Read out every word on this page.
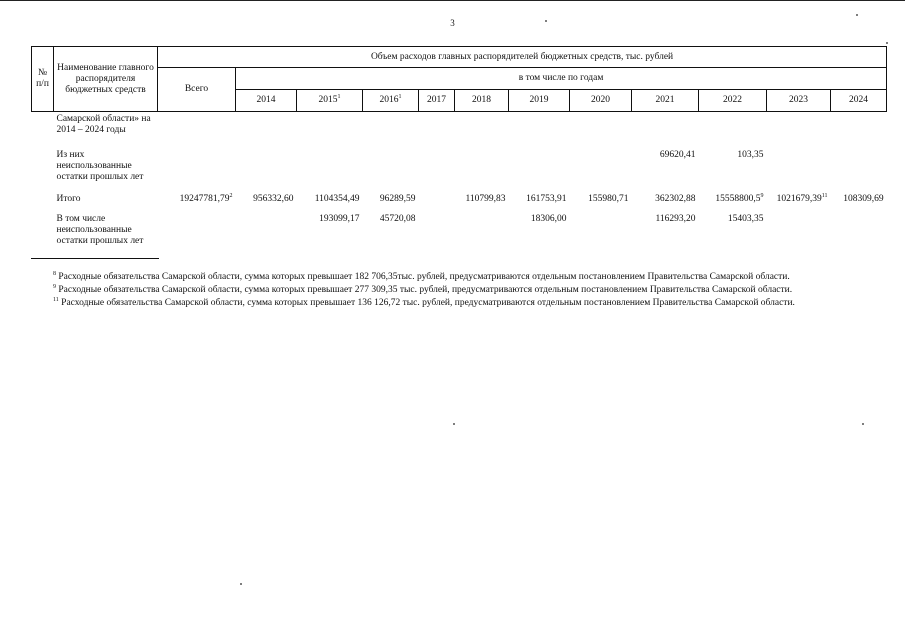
3
№ п/п	Наименование главного распорядителя бюджетных средств	Объем расходов главных распорядителей бюджетных средств, тыс. рублей											
		Всего	в том числе по годам										
			2014	2015$^1$	2016$^1$	2017	2018	2019	2020	2021	2022	2023	2024
	Самарской области» на 2014 – 2024 годы												
	Из них неиспользованные остатки прошлых лет									69620,41	103,35		
	Итого	19247781,79$^2$	956332,60	1104354,49	96289,59		110799,83	161753,91	155980,71	362302,88	15558800,5$^9$	1021679,39$^{11}$	108309,69
	В том числе неиспользованные остатки прошлых лет			193099,17	45720,08			18306,00		116293,20	15403,35		

$^8$ Расходные обязательства Самарской области, сумма которых превышает 182 706,35тыс. рублей, предусматриваются отдельным постановлением Правительства Самарской области.

$^9$ Расходные обязательства Самарской области, сумма которых превышает 277 309,35 тыс. рублей, предусматриваются отдельным постановлением Правительства Самарской области.

$^{11}$ Расходные обязательства Самарской области, сумма которых превышает 136 126,72 тыс. рублей, предусматриваются отдельным постановлением Правительства Самарской области.
